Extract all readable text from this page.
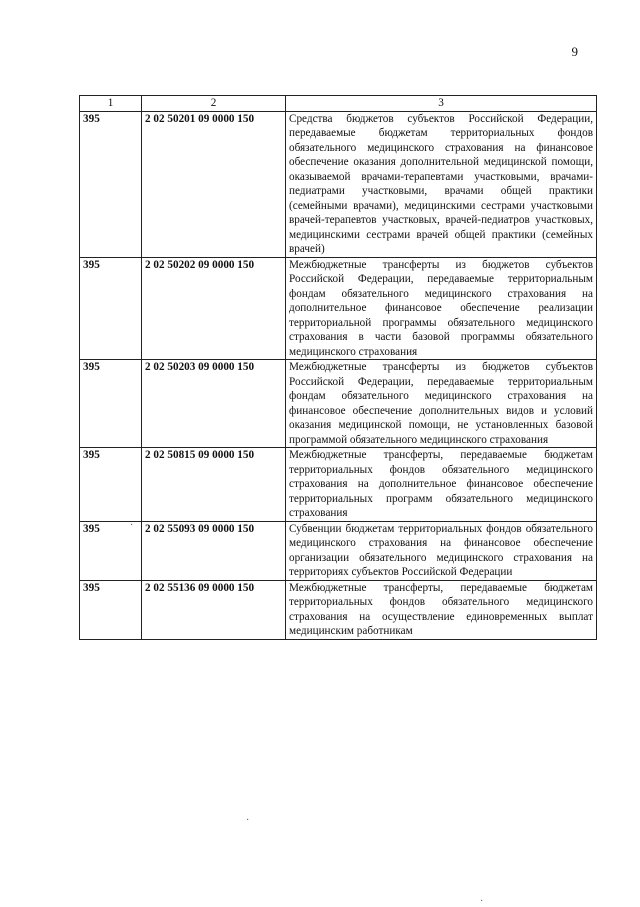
9
1	2	3
395	2 02 50201 09 0000 150	Средства бюджетов субъектов Российской Федерации, передаваемые бюджетам территориальных фондов обязательного медицинского страхования на финансовое обеспечение оказания дополнительной медицинской помощи, оказываемой врачами-терапевтами участковыми, врачами-педиатрами участковыми, врачами общей практики (семейными врачами), медицинскими сестрами участковыми врачей-терапевтов участковых, врачей-педиатров участковых, медицинскими сестрами врачей общей практики (семейных врачей)
395	2 02 50202 09 0000 150	Межбюджетные трансферты из бюджетов субъектов Российской Федерации, передаваемые территориальным фондам обязательного медицинского страхования на дополнительное финансовое обеспечение реализации территориальной программы обязательного медицинского страхования в части базовой программы обязательного медицинского страхования
395	2 02 50203 09 0000 150	Межбюджетные трансферты из бюджетов субъектов Российской Федерации, передаваемые территориальным фондам обязательного медицинского страхования на финансовое обеспечение дополнительных видов и условий оказания медицинской помощи, не установленных базовой программой обязательного медицинского страхования
395	2 02 50815 09 0000 150	Межбюджетные трансферты, передаваемые бюджетам территориальных фондов обязательного медицинского страхования на дополнительное финансовое обеспечение территориальных программ обязательного медицинского страхования
395	2 02 55093 09 0000 150	Субвенции бюджетам территориальных фондов обязательного медицинского страхования на финансовое обеспечение организации обязательного медицинского страхования на территориях субъектов Российской Федерации
395	2 02 55136 09 0000 150	Межбюджетные трансферты, передаваемые бюджетам территориальных фондов обязательного медицинского страхования на осуществление единовременных выплат медицинским работникам
·
·
·
